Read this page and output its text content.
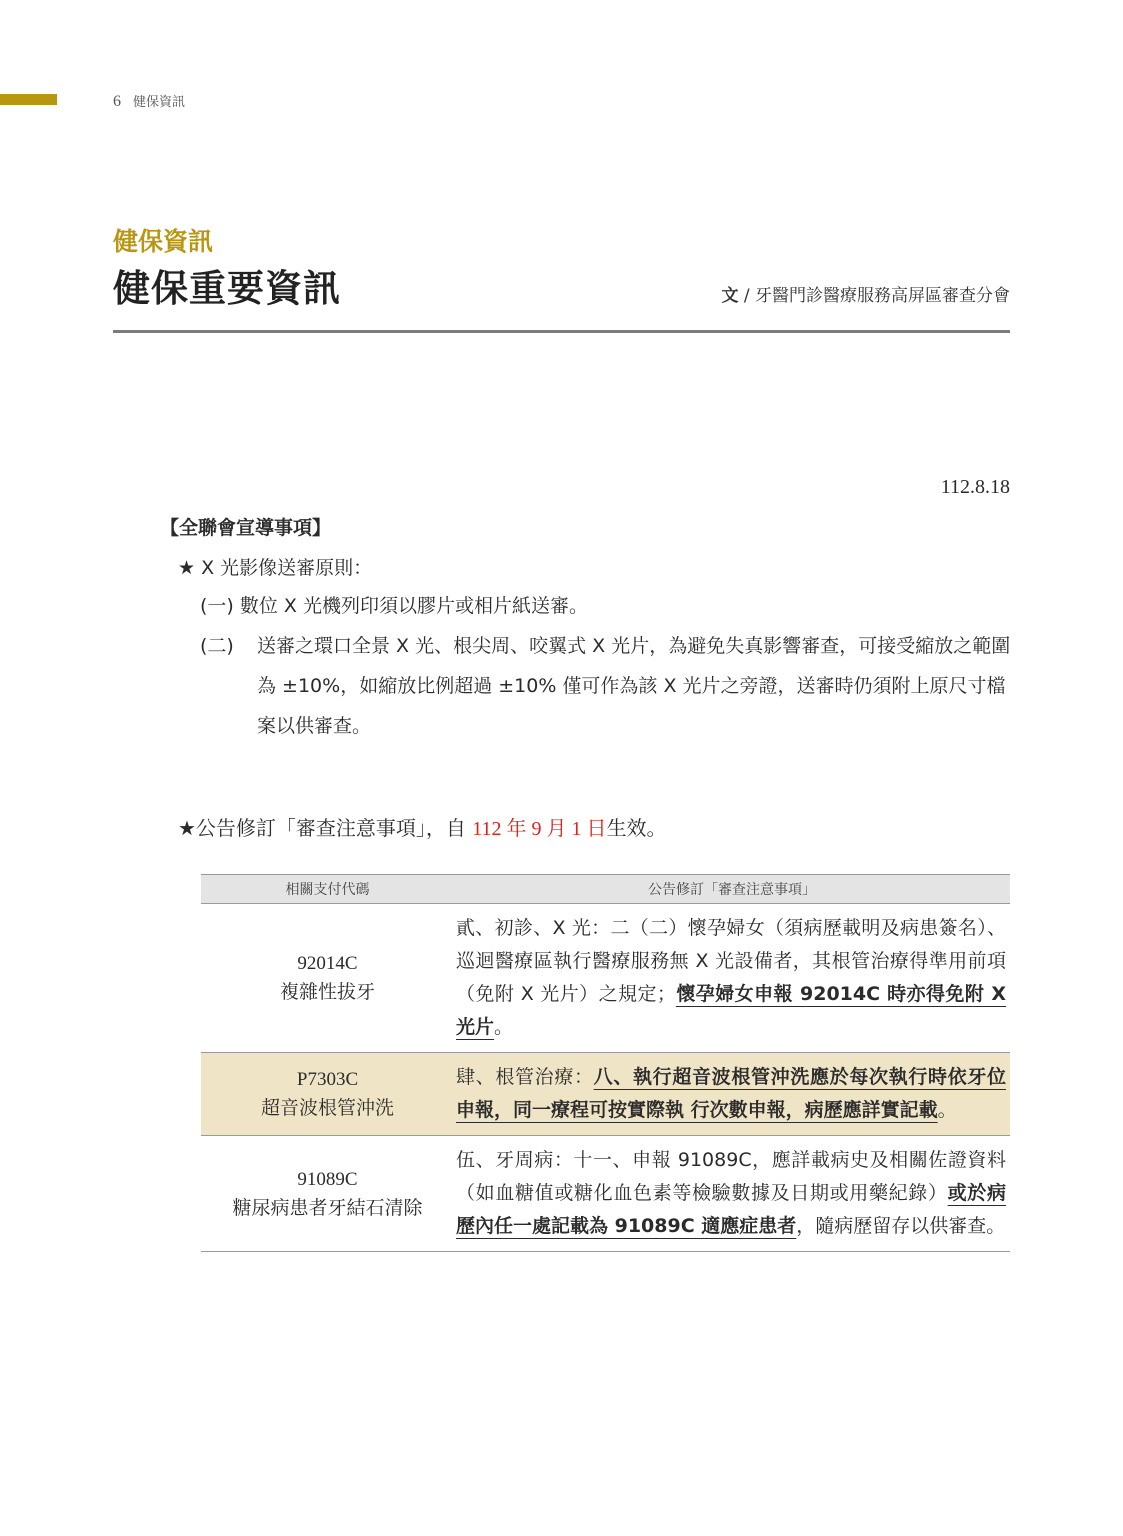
6 健保資訊
健保資訊
健保重要資訊	文 / 牙醫門診醫療服務高屏區審查分會
112.8.18
【全聯會宣導事項】
★ X 光影像送審原則：
(一) 數位 X 光機列印須以膠片或相片紙送審。
(二) 送審之環口全景 X 光、根尖周、咬翼式 X 光片，為避免失真影響審查，可接受縮放之範圍為 ±10%，如縮放比例超過 ±10% 僅可作為該 X 光片之旁證，送審時仍須附上原尺寸檔案以供審查。
★公告修訂「審查注意事項」，自 112 年 9 月 1 日生效。
相關支付代碼	公告修訂「審查注意事項」

92014C
複雜性拔牙	貳、初診、X 光：二（二）懷孕婦女（須病歷載明及病患簽名）、巡迴醫療區執行醫療服務無 X 光設備者，其根管治療得準用前項（免附 X 光片）之規定；懷孕婦女申報 92014C 時亦得免附 X 光片。

P7303C
超音波根管沖洗	肆、根管治療：八、執行超音波根管沖洗應於每次執行時依牙位申報，同一療程可按實際執 行次數申報，病歷應詳實記載。

91089C
糖尿病患者牙結石清除	伍、牙周病：十一、申報 91089C，應詳載病史及相關佐證資料（如血糖值或糖化血色素等檢驗數據及日期或用藥紀錄）或於病歷內任一處記載為 91089C 適應症患者，隨病歷留存以供審查。
